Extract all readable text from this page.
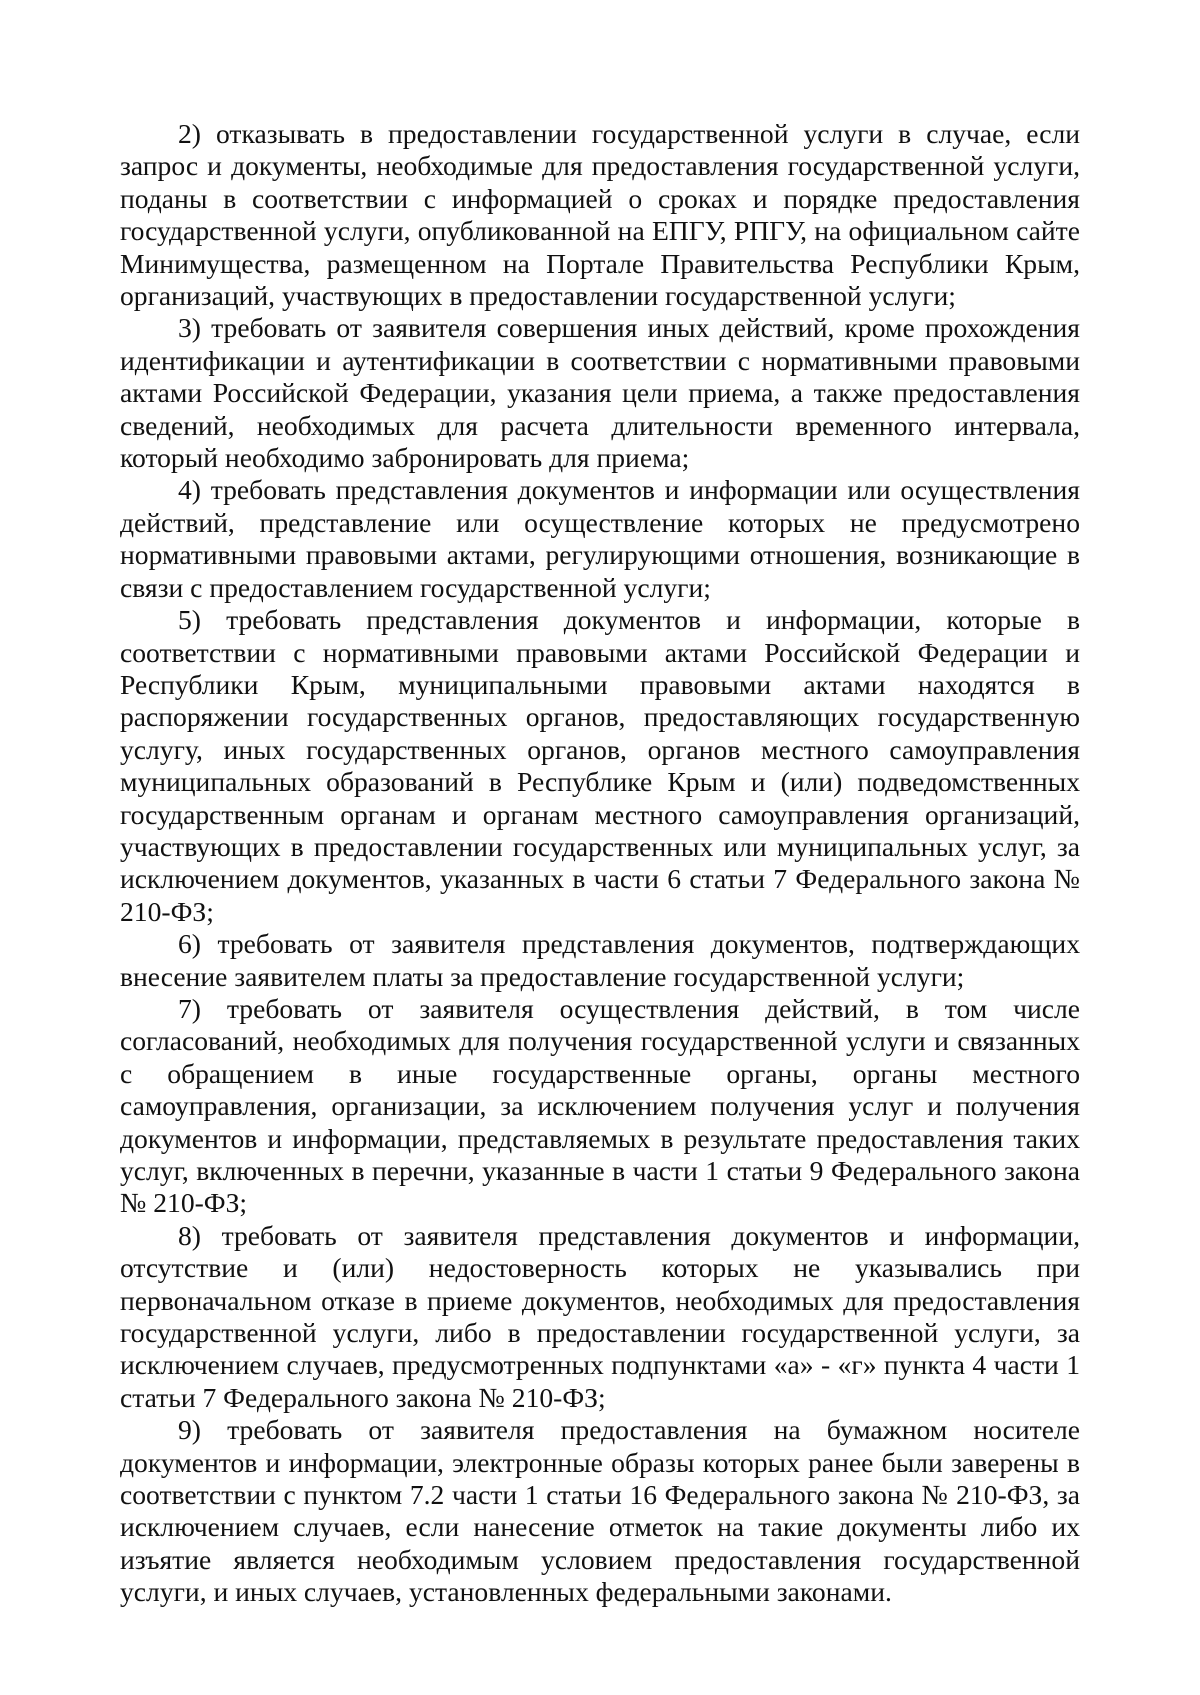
2) отказывать в предоставлении государственной услуги в случае, если запрос и документы, необходимые для предоставления государственной услуги, поданы в соответствии с информацией о сроках и порядке предоставления государственной услуги, опубликованной на ЕПГУ, РПГУ, на официальном сайте Минимущества, размещенном на Портале Правительства Республики Крым, организаций, участвующих в предоставлении государственной услуги;

3) требовать от заявителя совершения иных действий, кроме прохождения идентификации и аутентификации в соответствии с нормативными правовыми актами Российской Федерации, указания цели приема, а также предоставления сведений, необходимых для расчета длительности временного интервала, который необходимо забронировать для приема;

4) требовать представления документов и информации или осуществления действий, представление или осуществление которых не предусмотрено нормативными правовыми актами, регулирующими отношения, возникающие в связи с предоставлением государственной услуги;

5) требовать представления документов и информации, которые в соответствии с нормативными правовыми актами Российской Федерации и Республики Крым, муниципальными правовыми актами находятся в распоряжении государственных органов, предоставляющих государственную услугу, иных государственных органов, органов местного самоуправления муниципальных образований в Республике Крым и (или) подведомственных государственным органам и органам местного самоуправления организаций, участвующих в предоставлении государственных или муниципальных услуг, за исключением документов, указанных в части 6 статьи 7 Федерального закона № 210-ФЗ;

6) требовать от заявителя представления документов, подтверждающих внесение заявителем платы за предоставление государственной услуги;

7) требовать от заявителя осуществления действий, в том числе согласований, необходимых для получения государственной услуги и связанных с обращением в иные государственные органы, органы местного самоуправления, организации, за исключением получения услуг и получения документов и информации, представляемых в результате предоставления таких услуг, включенных в перечни, указанные в части 1 статьи 9 Федерального закона № 210-ФЗ;

8) требовать от заявителя представления документов и информации, отсутствие и (или) недостоверность которых не указывались при первоначальном отказе в приеме документов, необходимых для предоставления государственной услуги, либо в предоставлении государственной услуги, за исключением случаев, предусмотренных подпунктами «а» - «г» пункта 4 части 1 статьи 7 Федерального закона № 210-ФЗ;

9) требовать от заявителя предоставления на бумажном носителе документов и информации, электронные образы которых ранее были заверены в соответствии с пунктом 7.2 части 1 статьи 16 Федерального закона № 210-ФЗ, за исключением случаев, если нанесение отметок на такие документы либо их изъятие является необходимым условием предоставления государственной услуги, и иных случаев, установленных федеральными законами.
